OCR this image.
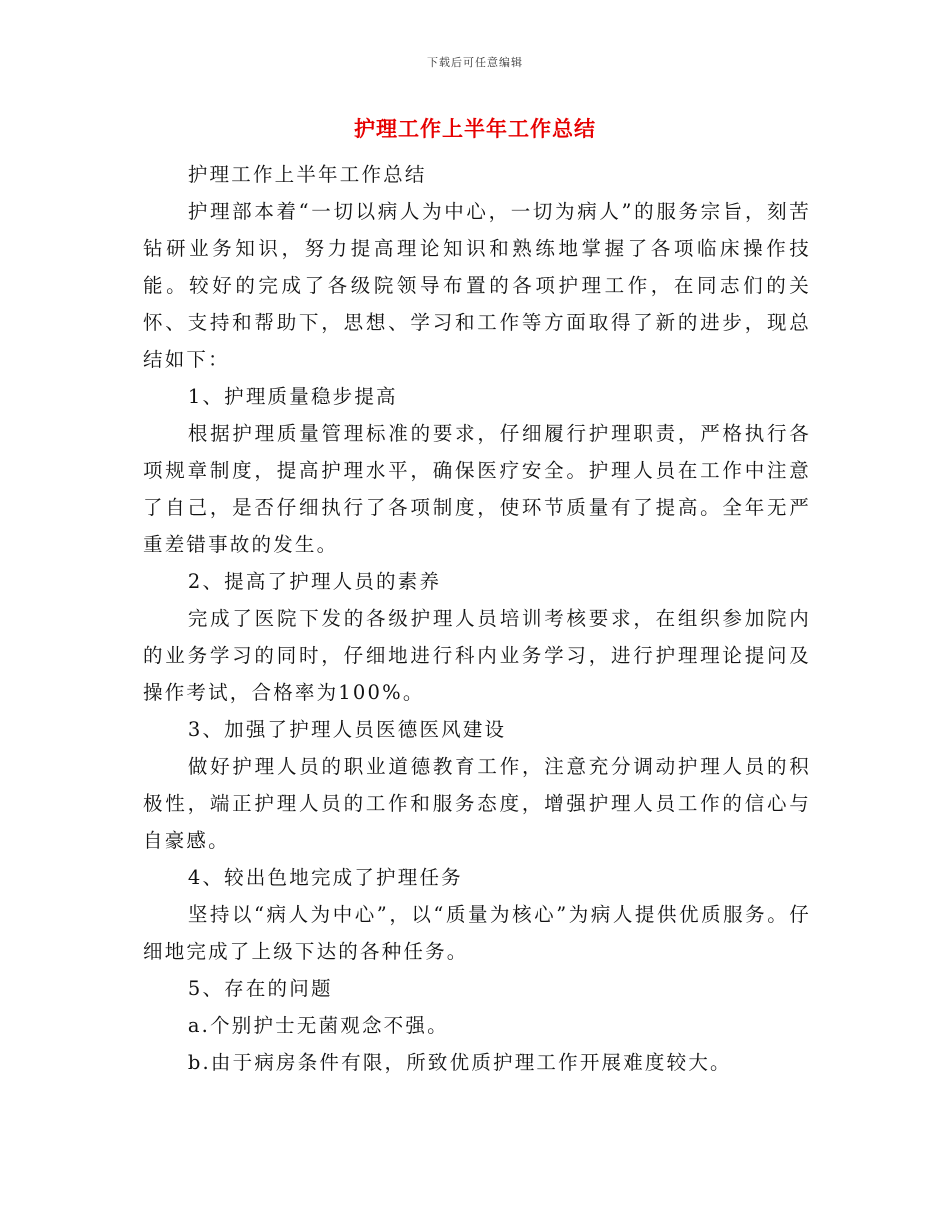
下载后可任意编辑
护理工作上半年工作总结

护理工作上半年工作总结

护理部本着“一切以病人为中心，一切为病人”的服务宗旨，刻苦钻研业务知识，努力提高理论知识和熟练地掌握了各项临床操作技能。较好的完成了各级院领导布置的各项护理工作，在同志们的关怀、支持和帮助下，思想、学习和工作等方面取得了新的进步，现总结如下：

1、护理质量稳步提高

根据护理质量管理标准的要求，仔细履行护理职责，严格执行各项规章制度，提高护理水平，确保医疗安全。护理人员在工作中注意了自己，是否仔细执行了各项制度，使环节质量有了提高。全年无严重差错事故的发生。

2、提高了护理人员的素养

完成了医院下发的各级护理人员培训考核要求，在组织参加院内的业务学习的同时，仔细地进行科内业务学习，进行护理理论提问及操作考试，合格率为100%。

3、加强了护理人员医德医风建设

做好护理人员的职业道德教育工作，注意充分调动护理人员的积极性，端正护理人员的工作和服务态度，增强护理人员工作的信心与自豪感。

4、较出色地完成了护理任务

坚持以“病人为中心”，以“质量为核心”为病人提供优质服务。仔细地完成了上级下达的各种任务。

5、存在的问题

a.个别护士无菌观念不强。

b.由于病房条件有限，所致优质护理工作开展难度较大。
